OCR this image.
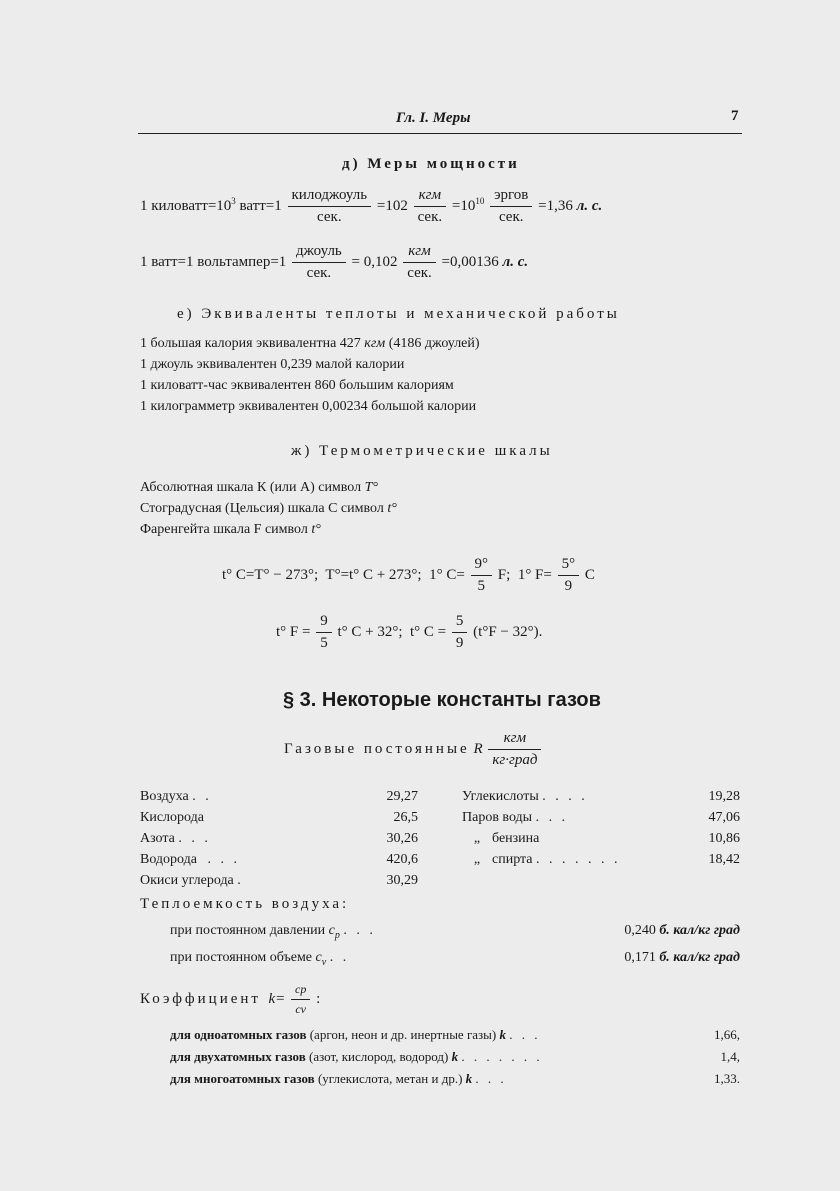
Гл. I. Меры	7
д) Меры мощности
1 $киловатт=10^3$ ватт=1 $\frac{\text{килоджоуль}}{\text{сек.}} =102 \frac{\text{кгм}}{\text{сек.}} =10^{10} \frac{\text{эргов}}{\text{сек.}} =1,36$ л. с.
1 ватт=1 вольтампер=1 $\frac{\text{джоуль}}{\text{сек.}} = 0,102 \frac{\text{кгм}}{\text{сек.}} =0,00136$ л. с.
е) Эквиваленты теплоты и механической работы
1 большая калория эквивалентна 427 кгм (4186 джоулей)
1 джоуль эквивалентен 0,239 малой калории
1 киловатт-час эквивалентен 860 большим калориям
1 килограмметр эквивалентен 0,00234 большой калории
ж) Термометрические шкалы
Абсолютная шкала К (или А) символ T°
Стоградусная (Цельсия) шкала С символ t°
Фаренгейта шкала F символ t°
t° C=T° − 273°; T°=t° C + 273°; 1° $C= \frac{9^\circ}{5} F$; 1° $F= \frac{5^\circ}{9}$ C
t° $F = \frac{9}{5} t^\circ$ C + 32°; t° $C = \frac{5}{9} (t^\circ F - 32^\circ)$.
§ 3. Некоторые константы газов
Газовые постоянные R $\frac{\text{кгм}}{\text{кг·град}}$
Воздуха . .	29,27
Кислорода	26,5
Азота . . .	30,26
Водорода . . .	420,6
Окиси углерода .	30,29
Углекислоты . . . .	19,28
Паров воды . . .	47,06
„ бензина	10,86
„ спирта . . . . . . .	18,42
Теплоемкость воздуха:
при постоянном давлении $c_p$ . . .	0,240 б. кал/кг град
при постоянном объеме $c_v$ . .	0,171 б. кал/кг град
Коэффициент $k= \frac{cp}{cv}$ :
для одноатомных газов (аргон, неон и др. инертные газы) k . . .	1,66,
для двухатомных газов (азот, кислород, водород) k . . . . . . .	1,4,
для многоатомных газов (углекислота, метан и др.) k . . .	1,33.
